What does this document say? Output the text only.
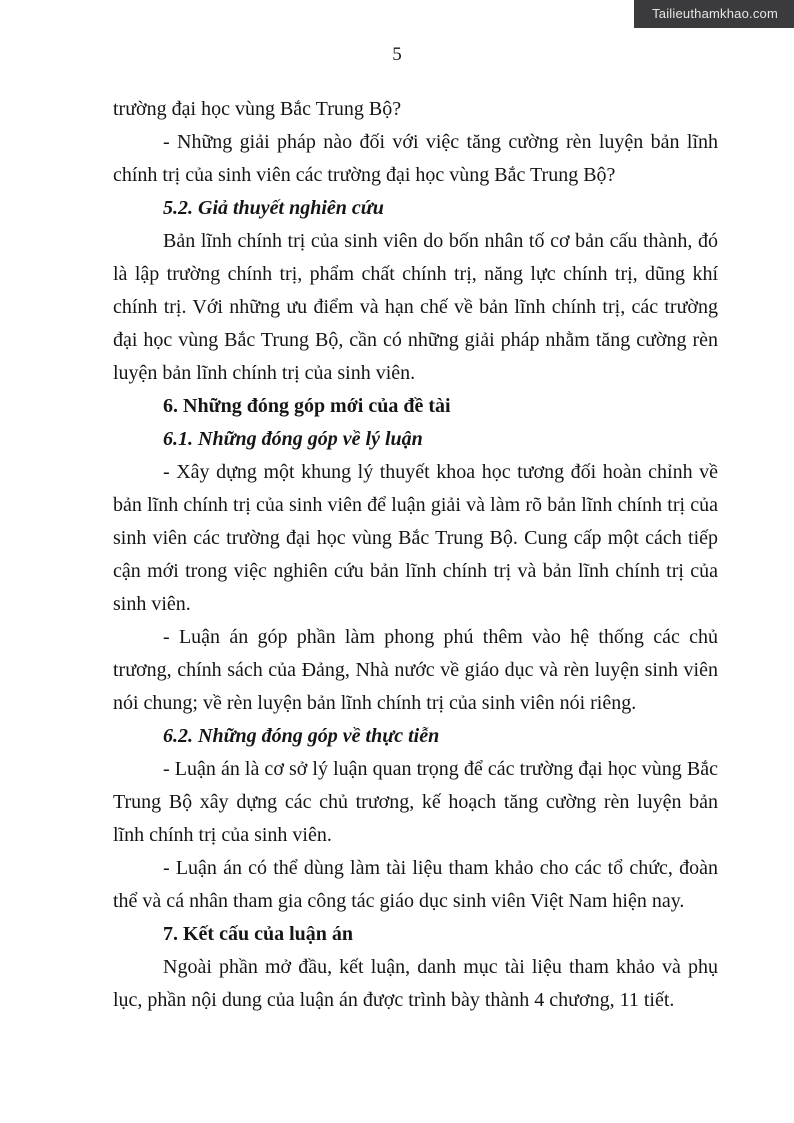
Tailieuthamkhao.com
5

trường đại học vùng Bắc Trung Bộ?

- Những giải pháp nào đối với việc tăng cường rèn luyện bản lĩnh chính trị của sinh viên các trường đại học vùng Bắc Trung Bộ?

5.2. Giả thuyết nghiên cứu

Bản lĩnh chính trị của sinh viên do bốn nhân tố cơ bản cấu thành, đó là lập trường chính trị, phẩm chất chính trị, năng lực chính trị, dũng khí chính trị. Với những ưu điểm và hạn chế về bản lĩnh chính trị, các trường đại học vùng Bắc Trung Bộ, cần có những giải pháp nhằm tăng cường rèn luyện bản lĩnh chính trị của sinh viên.

6. Những đóng góp mới của đề tài

6.1. Những đóng góp về lý luận

- Xây dựng một khung lý thuyết khoa học tương đối hoàn chỉnh về bản lĩnh chính trị của sinh viên để luận giải và làm rõ bản lĩnh chính trị của sinh viên các trường đại học vùng Bắc Trung Bộ. Cung cấp một cách tiếp cận mới trong việc nghiên cứu bản lĩnh chính trị và bản lĩnh chính trị của sinh viên.

- Luận án góp phần làm phong phú thêm vào hệ thống các chủ trương, chính sách của Đảng, Nhà nước về giáo dục và rèn luyện sinh viên nói chung; về rèn luyện bản lĩnh chính trị của sinh viên nói riêng.

6.2. Những đóng góp về thực tiễn

- Luận án là cơ sở lý luận quan trọng để các trường đại học vùng Bắc Trung Bộ xây dựng các chủ trương, kế hoạch tăng cường rèn luyện bản lĩnh chính trị của sinh viên.

- Luận án có thể dùng làm tài liệu tham khảo cho các tổ chức, đoàn thể và cá nhân tham gia công tác giáo dục sinh viên Việt Nam hiện nay.

7. Kết cấu của luận án

Ngoài phần mở đầu, kết luận, danh mục tài liệu tham khảo và phụ lục, phần nội dung của luận án được trình bày thành 4 chương, 11 tiết.
